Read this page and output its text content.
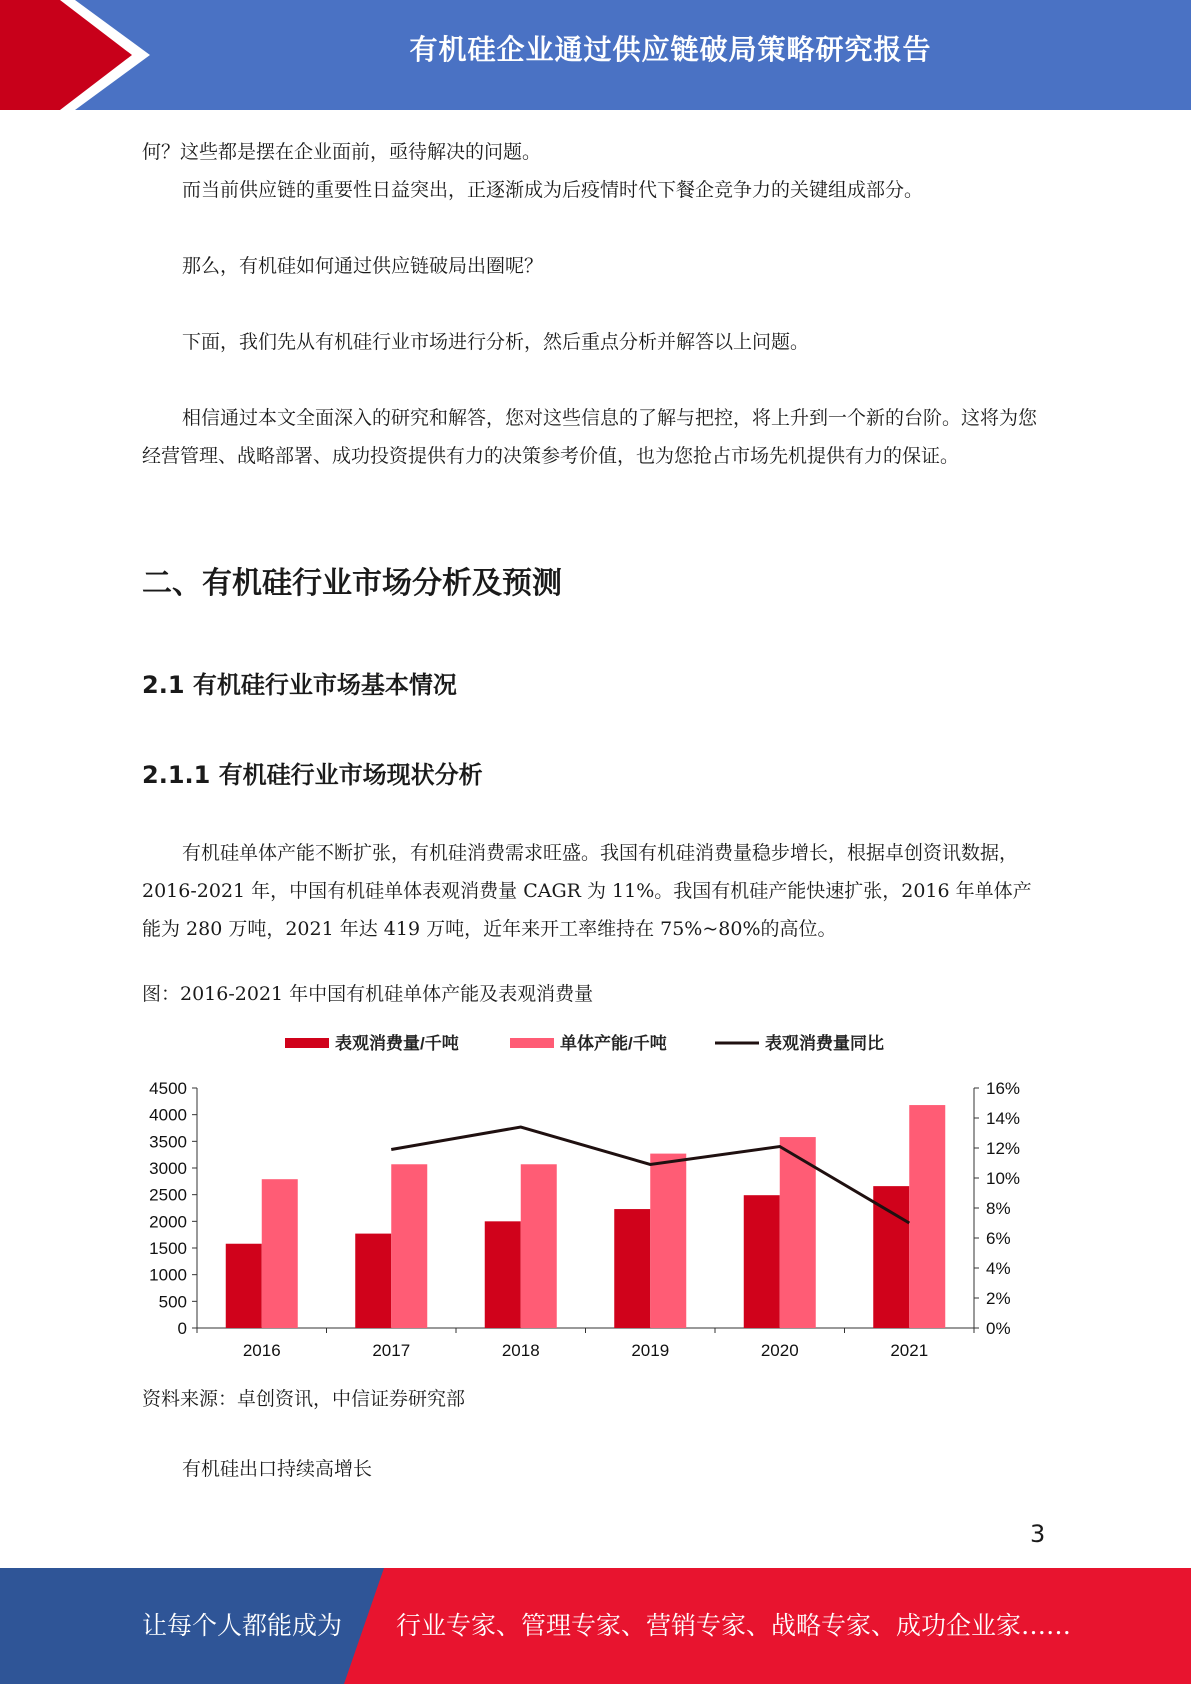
有机硅企业通过供应链破局策略研究报告

何？这些都是摆在企业面前，亟待解决的问题。

而当前供应链的重要性日益突出，正逐渐成为后疫情时代下餐企竞争力的关键组成部分。

那么，有机硅如何通过供应链破局出圈呢？

下面，我们先从有机硅行业市场进行分析，然后重点分析并解答以上问题。

相信通过本文全面深入的研究和解答，您对这些信息的了解与把控，将上升到一个新的台阶。这将为您经营管理、战略部署、成功投资提供有力的决策参考价值，也为您抢占市场先机提供有力的保证。

二、有机硅行业市场分析及预测
2.1 有机硅行业市场基本情况
2.1.1 有机硅行业市场现状分析

有机硅单体产能不断扩张，有机硅消费需求旺盛。我国有机硅消费量稳步增长，根据卓创资讯数据，2016-2021 年，中国有机硅单体表观消费量 CAGR 为 11%。我国有机硅产能快速扩张，2016 年单体产能为 280 万吨，2021 年达 419 万吨，近年来开工率维持在 75%~80%的高位。

图：2016-2021 年中国有机硅单体产能及表观消费量

表观消费量/千吨	单体产能/千吨	表观消费量同比
0
500
1000
1500
2000
2500
3000
3500
4000
4500
0%
2%
4%
6%
8%
10%
12%
14%
16%
2016	2017	2018	2019	2020	2021

资料来源：卓创资讯，中信证券研究部

有机硅出口持续高增长

3
让每个人都能成为 行业专家、管理专家、营销专家、战略专家、成功企业家……
